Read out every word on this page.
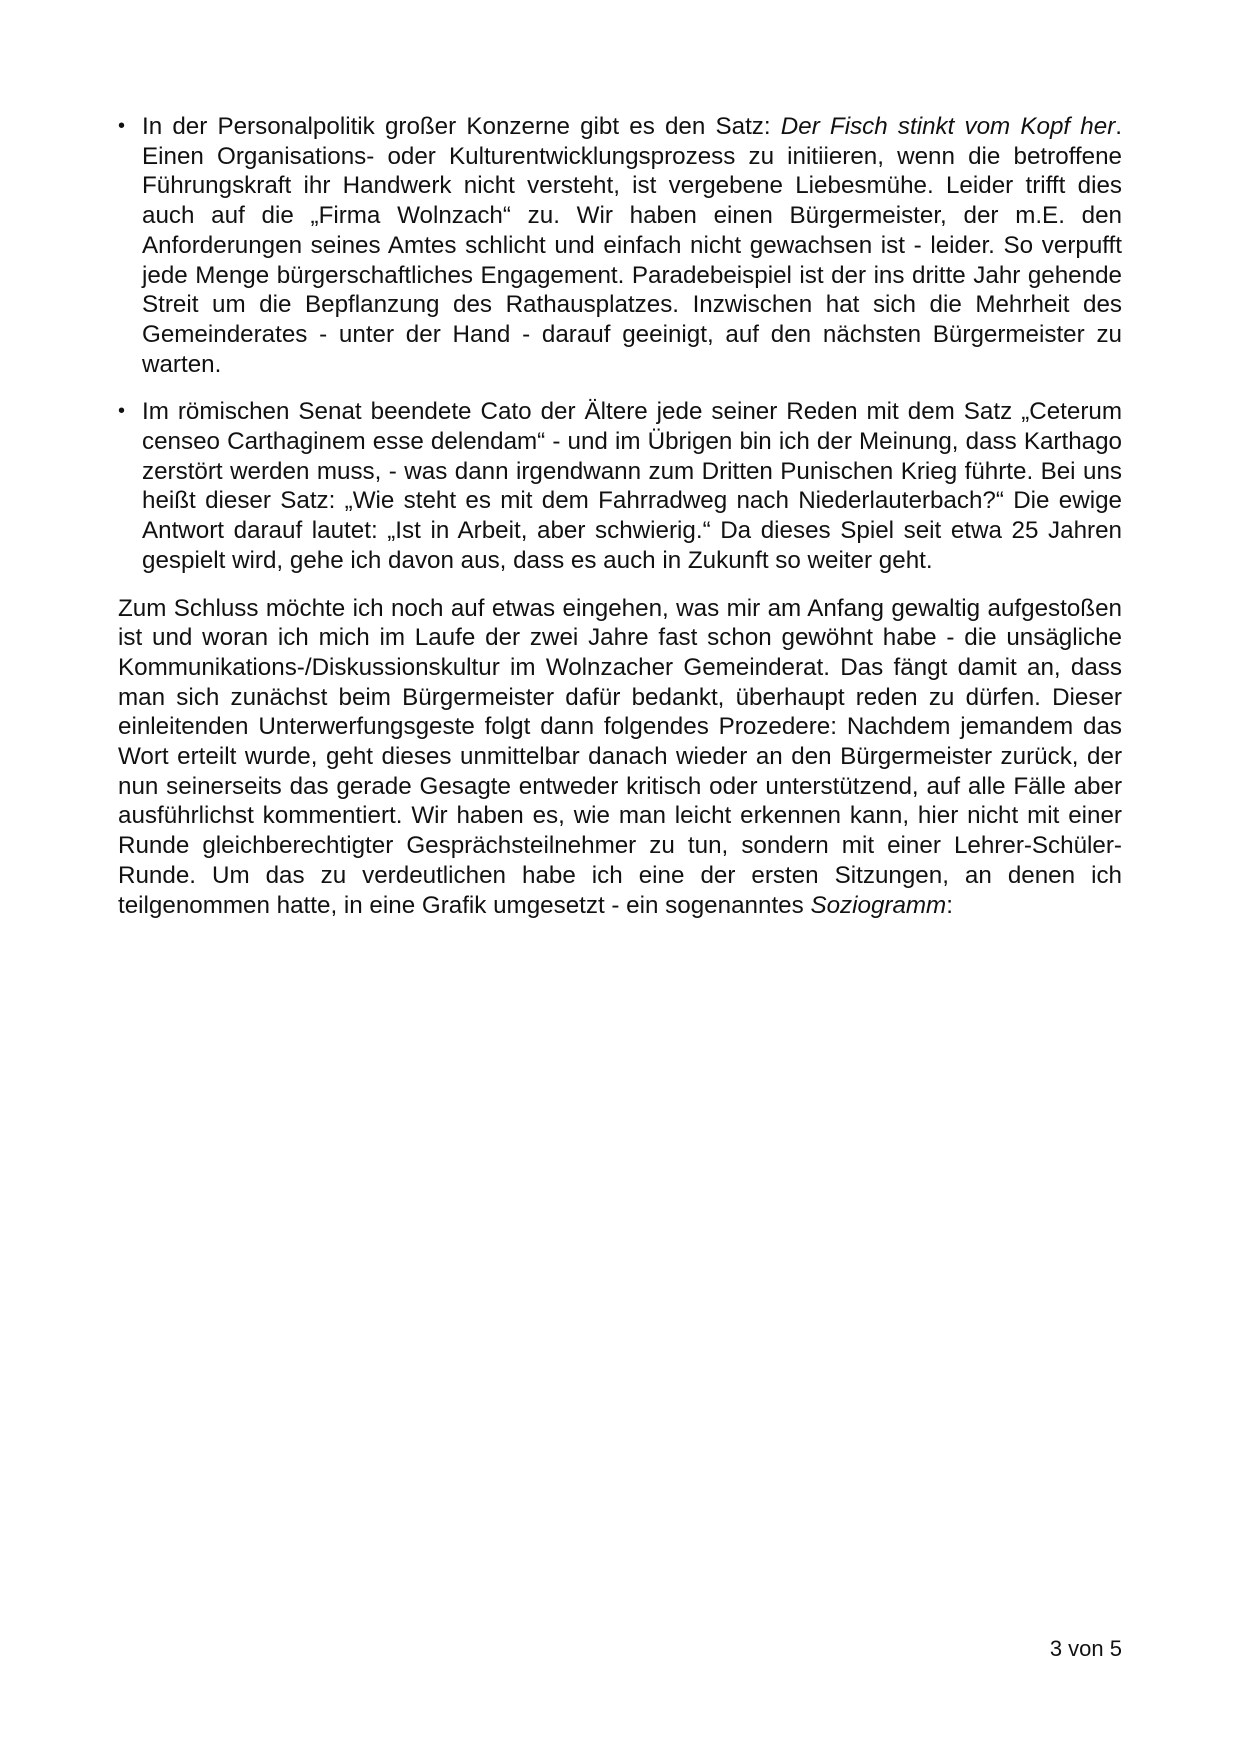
• In der Personalpolitik großer Konzerne gibt es den Satz: Der Fisch stinkt vom Kopf her. Einen Organisations- oder Kulturentwicklungsprozess zu initiieren, wenn die betroffene Führungskraft ihr Handwerk nicht versteht, ist vergebene Liebesmühe. Leider trifft dies auch auf die „Firma Wolnzach“ zu. Wir haben einen Bürgermeister, der m.E. den Anforderungen seines Amtes schlicht und einfach nicht gewachsen ist - leider. So verpufft jede Menge bürgerschaftliches Engagement. Paradebeispiel ist der ins dritte Jahr gehende Streit um die Bepflanzung des Rathausplatzes. Inzwischen hat sich die Mehrheit des Gemeinderates - unter der Hand - darauf geeinigt, auf den nächsten Bürgermeister zu warten.
• Im römischen Senat beendete Cato der Ältere jede seiner Reden mit dem Satz „Ceterum censeo Carthaginem esse delendam“ - und im Übrigen bin ich der Meinung, dass Karthago zerstört werden muss, - was dann irgendwann zum Dritten Punischen Krieg führte. Bei uns heißt dieser Satz: „Wie steht es mit dem Fahrradweg nach Niederlauterbach?“ Die ewige Antwort darauf lautet: „Ist in Arbeit, aber schwierig.“ Da dieses Spiel seit etwa 25 Jahren gespielt wird, gehe ich davon aus, dass es auch in Zukunft so weiter geht.

Zum Schluss möchte ich noch auf etwas eingehen, was mir am Anfang gewaltig aufgestoßen ist und woran ich mich im Laufe der zwei Jahre fast schon gewöhnt habe - die unsägliche Kommunikations-/Diskussionskultur im Wolnzacher Gemeinderat. Das fängt damit an, dass man sich zunächst beim Bürgermeister dafür bedankt, überhaupt reden zu dürfen. Dieser einleitenden Unterwerfungsgeste folgt dann folgendes Prozedere: Nachdem jemandem das Wort erteilt wurde, geht dieses unmittelbar danach wieder an den Bürgermeister zurück, der nun seinerseits das gerade Gesagte entweder kritisch oder unterstützend, auf alle Fälle aber ausführlichst kommentiert. Wir haben es, wie man leicht erkennen kann, hier nicht mit einer Runde gleichberechtigter Gesprächsteilnehmer zu tun, sondern mit einer Lehrer-Schüler-Runde. Um das zu verdeutlichen habe ich eine der ersten Sitzungen, an denen ich teilgenommen hatte, in eine Grafik umgesetzt - ein sogenanntes Soziogramm:

3 von 5
